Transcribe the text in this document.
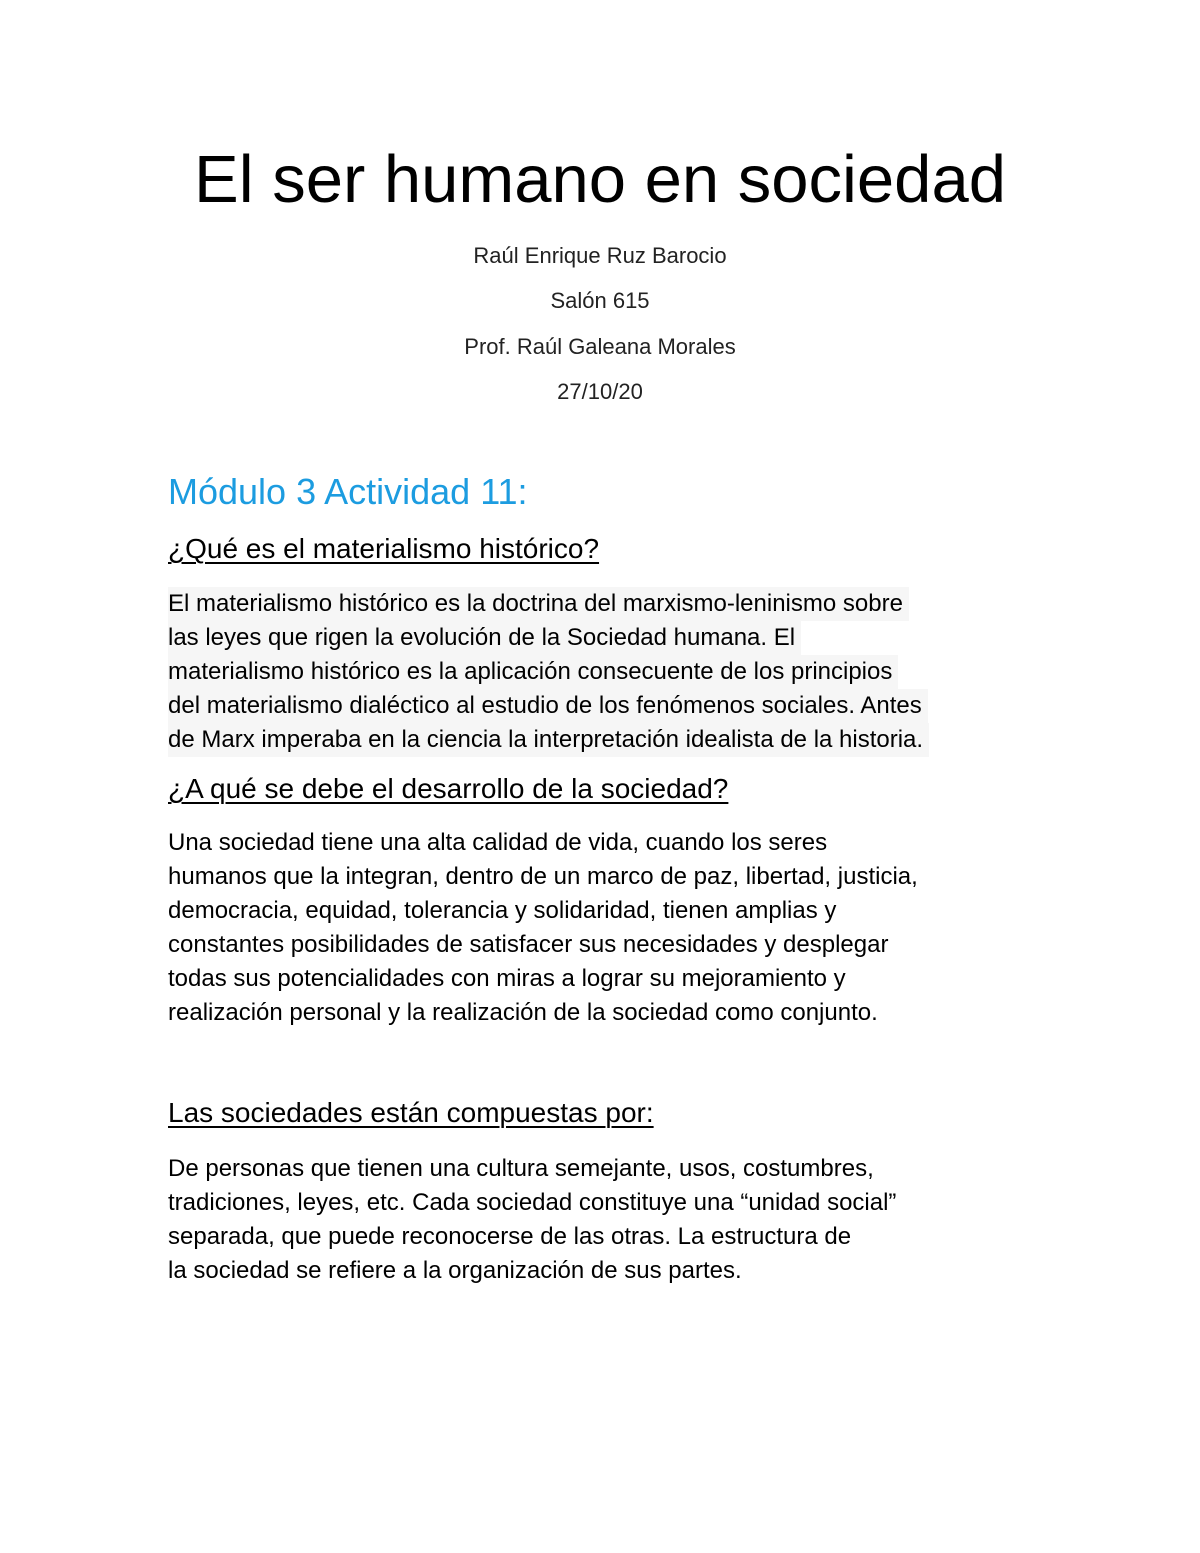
El ser humano en sociedad
Raúl Enrique Ruz Barocio
Salón 615
Prof. Raúl Galeana Morales
27/10/20
Módulo 3 Actividad 11:
¿Qué es el materialismo histórico?
El materialismo histórico es la doctrina del marxismo-leninismo sobre las leyes que rigen la evolución de la Sociedad humana. El materialismo histórico es la aplicación consecuente de los principios del materialismo dialéctico al estudio de los fenómenos sociales. Antes de Marx imperaba en la ciencia la interpretación idealista de la historia.
¿A qué se debe el desarrollo de la sociedad?
Una sociedad tiene una alta calidad de vida, cuando los seres
humanos que la integran, dentro de un marco de paz, libertad, justicia,
democracia, equidad, tolerancia y solidaridad, tienen amplias y
constantes posibilidades de satisfacer sus necesidades y desplegar
todas sus potencialidades con miras a lograr su mejoramiento y
realización personal y la realización de la sociedad como conjunto.
Las sociedades están compuestas por:
De personas que tienen una cultura semejante, usos, costumbres,
tradiciones, leyes, etc. Cada sociedad constituye una “unidad social”
separada, que puede reconocerse de las otras. La estructura de
la sociedad se refiere a la organización de sus partes.
